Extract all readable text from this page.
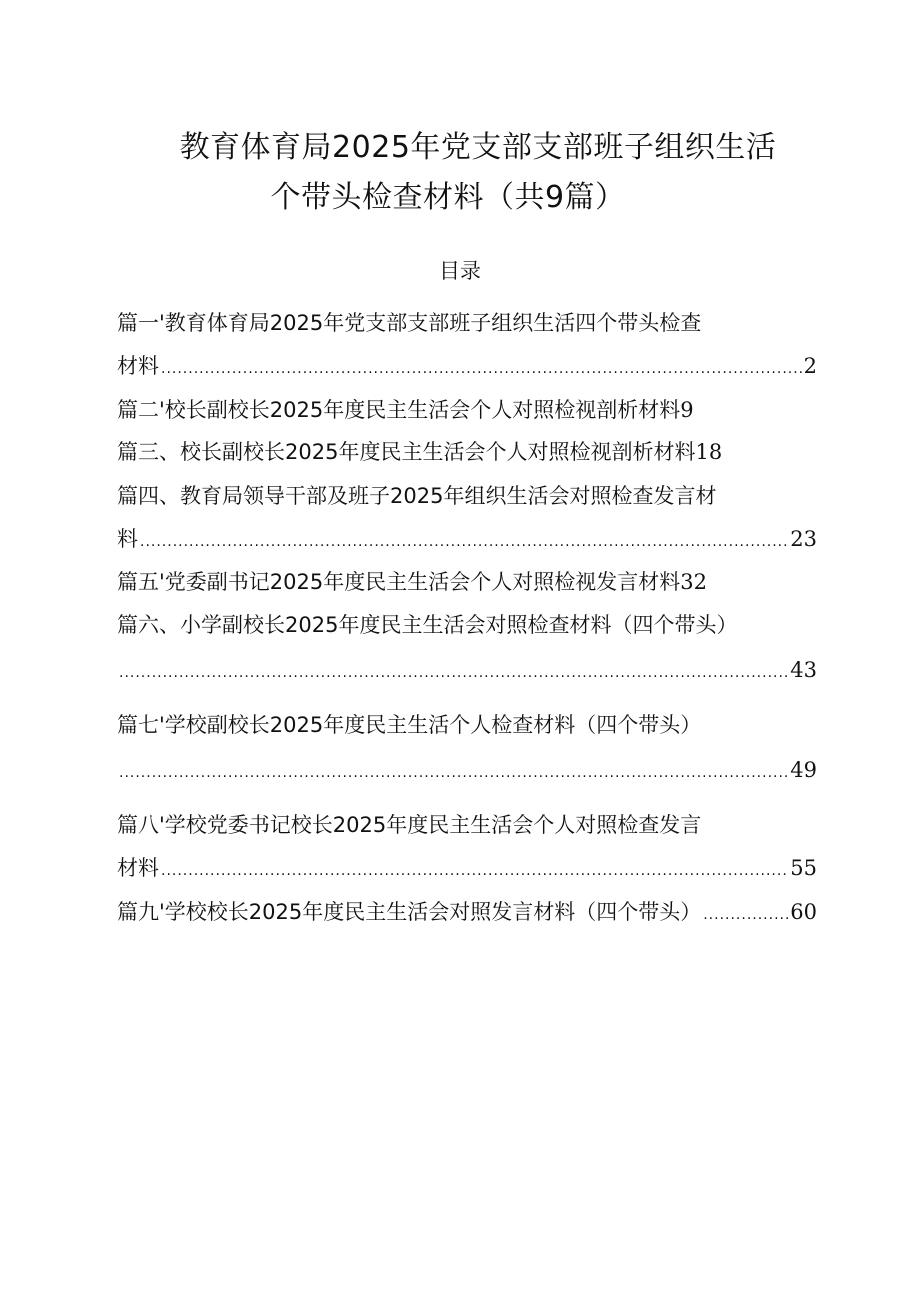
教育体育局2025年党支部支部班子组织生活
个带头检查材料（共9篇）
目录
篇一'教育体育局2025年党支部支部班子组织生活四个带头检查
材料 .....	2
篇二'校长副校长2025年度民主生活会个人对照检视剖析材料9
篇三、校长副校长2025年度民主生活会个人对照检视剖析材料18
篇四、教育局领导干部及班子2025年组织生活会对照检查发言材
料 .....	23
篇五'党委副书记2025年度民主生活会个人对照检视发言材料32
篇六、小学副校长2025年度民主生活会对照检查材料（四个带头）
.....
43
篇七'学校副校长2025年度民主生活个人检查材料（四个带头）
.....
49
篇八'学校党委书记校长2025年度民主生活会个人对照检查发言
材料 .....	55
篇九'学校校长2025年度民主生活会对照发言材料（四个带头） .....	60
